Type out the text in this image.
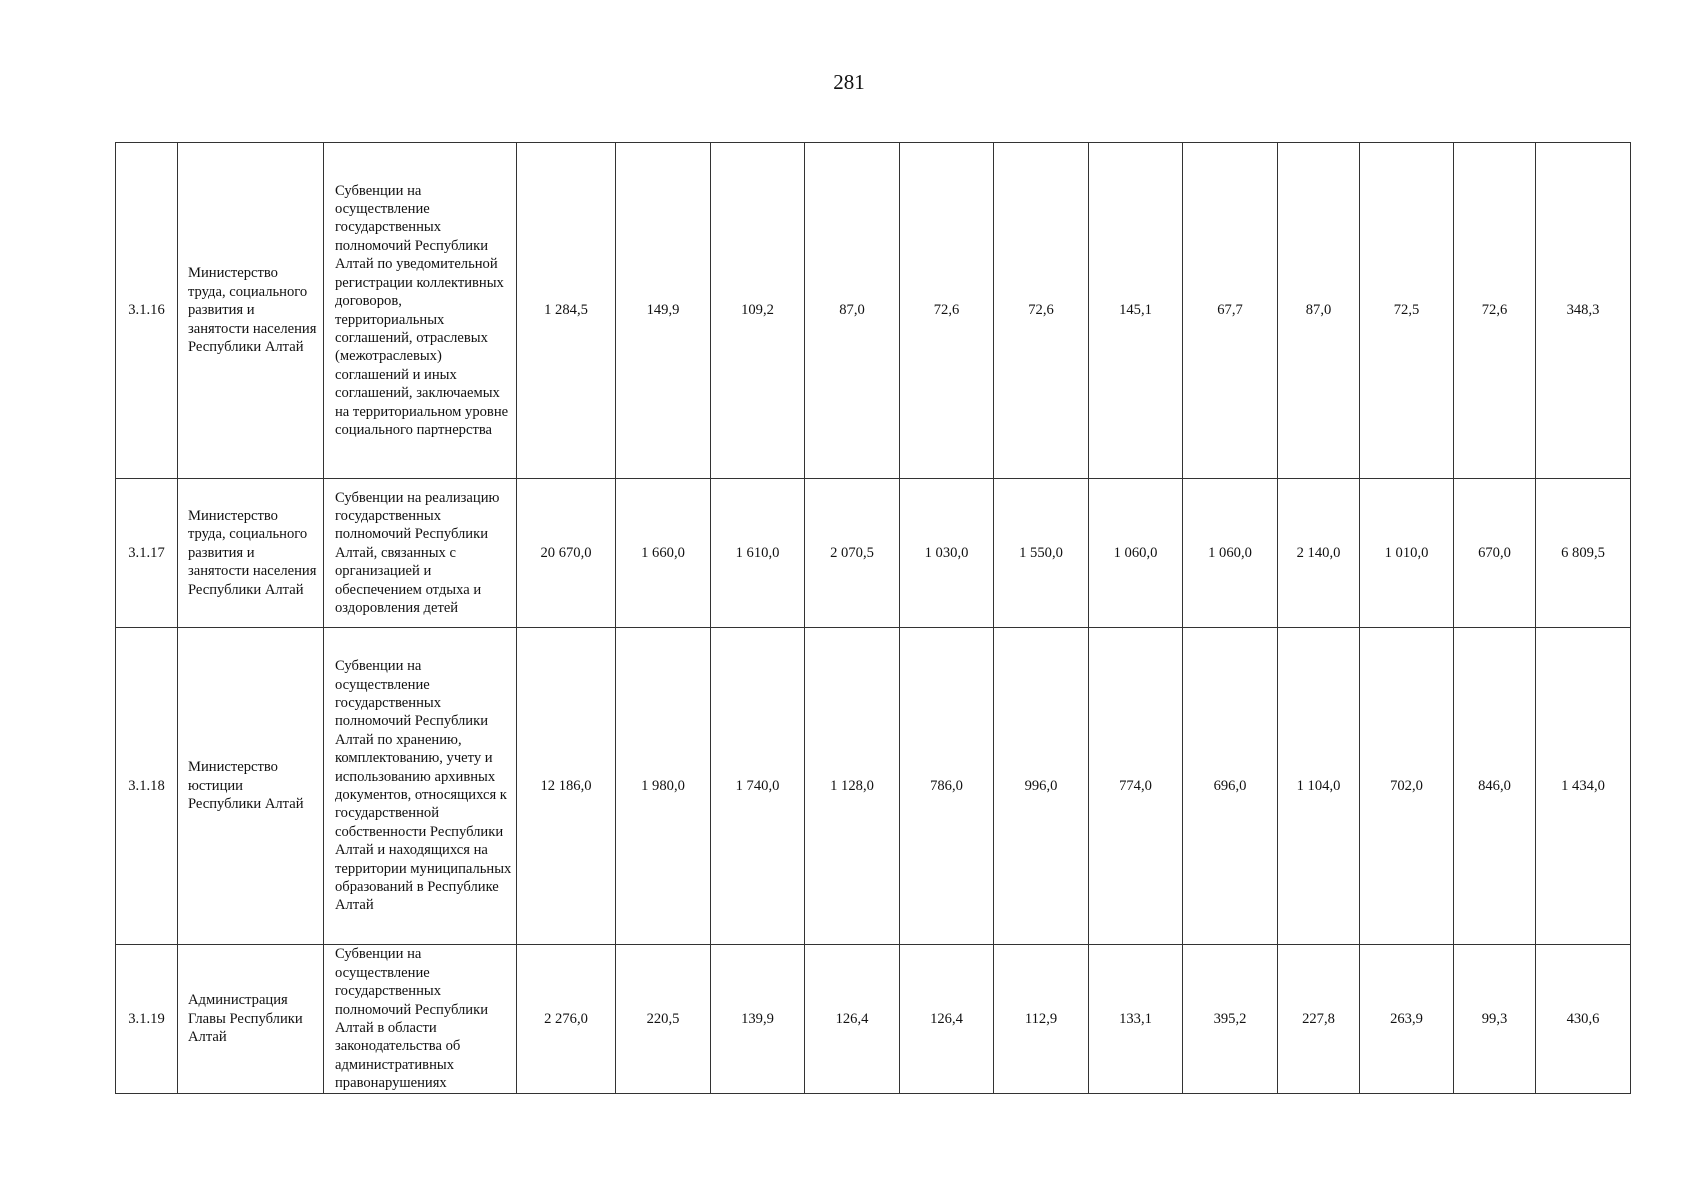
281
3.1.16	Министерство труда, социального развития и занятости населения Республики Алтай	Субвенции на осуществление государственных полномочий Республики Алтай по уведомительной регистрации коллективных договоров, территориальных соглашений, отраслевых (межотраслевых) соглашений и иных соглашений, заключаемых на территориальном уровне социального партнерства	1 284,5	149,9	109,2	87,0	72,6	72,6	145,1	67,7	87,0	72,5	72,6	348,3
3.1.17	Министерство труда, социального развития и занятости населения Республики Алтай	Субвенции на реализацию государственных полномочий Республики Алтай, связанных с организацией и обеспечением отдыха и оздоровления детей	20 670,0	1 660,0	1 610,0	2 070,5	1 030,0	1 550,0	1 060,0	1 060,0	2 140,0	1 010,0	670,0	6 809,5
3.1.18	Министерство юстиции Республики Алтай	Субвенции на осуществление государственных полномочий Республики Алтай по хранению, комплектованию, учету и использованию архивных документов, относящихся к государственной собственности Республики Алтай и находящихся на территории муниципальных образований в Республике Алтай	12 186,0	1 980,0	1 740,0	1 128,0	786,0	996,0	774,0	696,0	1 104,0	702,0	846,0	1 434,0
3.1.19	Администрация Главы Республики Алтай	Субвенции на осуществление государственных полномочий Республики Алтай в области законодательства об административных правонарушениях	2 276,0	220,5	139,9	126,4	126,4	112,9	133,1	395,2	227,8	263,9	99,3	430,6
